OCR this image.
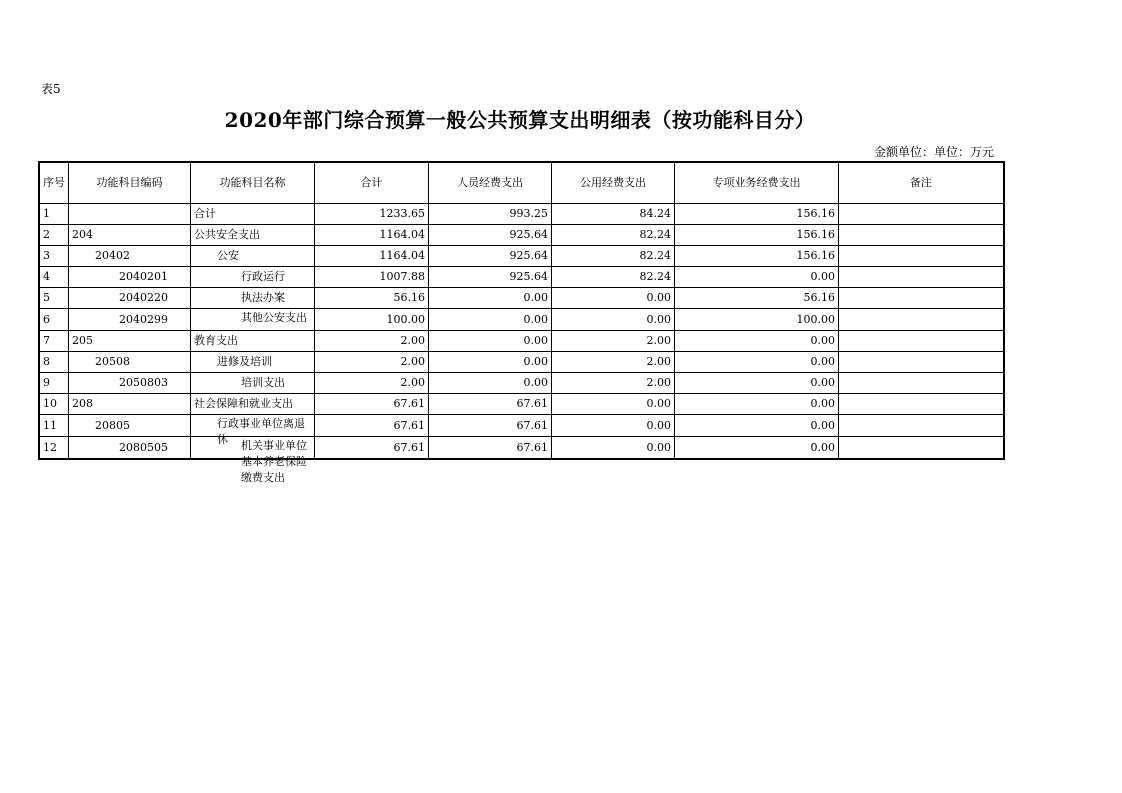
表5
2020年部门综合预算一般公共预算支出明细表（按功能科目分）
金额单位：单位：万元
序号	功能科目编码	功能科目名称	合计	人员经费支出	公用经费支出	专项业务经费支出	备注
1		合计	1233.65	993.25	84.24	156.16	
2	204	公共安全支出	1164.04	925.64	82.24	156.16	
3	20402	公安	1164.04	925.64	82.24	156.16	
4	2040201	行政运行	1007.88	925.64	82.24	0.00	
5	2040220	执法办案	56.16	0.00	0.00	56.16	
6	2040299	其他公安支出	100.00	0.00	0.00	100.00	
7	205	教育支出	2.00	0.00	2.00	0.00	
8	20508	进修及培训	2.00	0.00	2.00	0.00	
9	2050803	培训支出	2.00	0.00	2.00	0.00	
10	208	社会保障和就业支出	67.61	67.61	0.00	0.00	
11	20805	行政事业单位离退休	67.61	67.61	0.00	0.00	
12	2080505	机关事业单位基本养老保险缴费支出	67.61	67.61	0.00	0.00	
